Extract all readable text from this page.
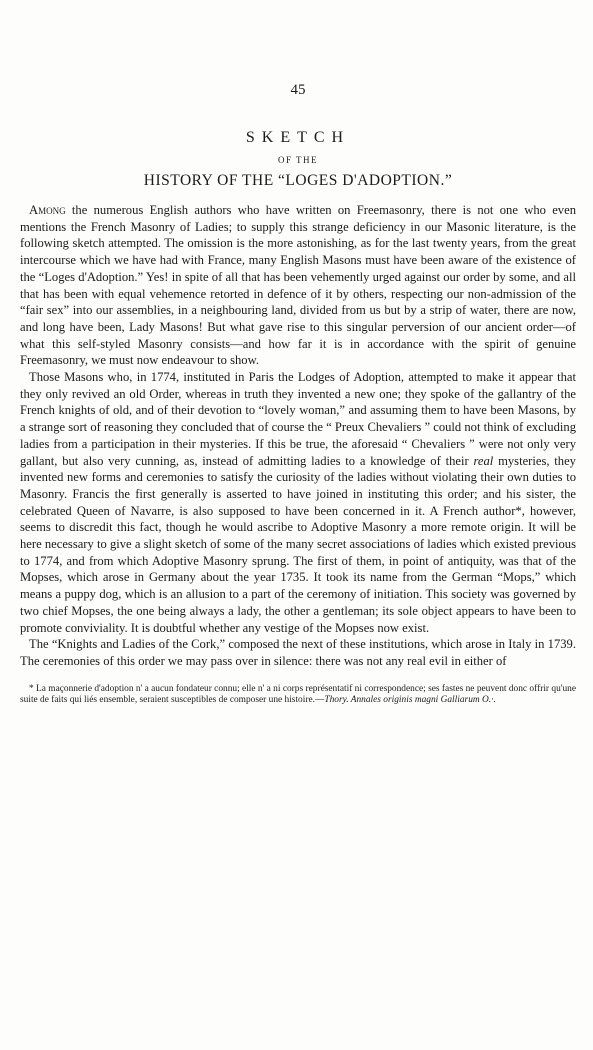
45
SKETCH
OF THE
HISTORY OF THE “LOGES D'ADOPTION.”

Among the numerous English authors who have written on Freemasonry, there is not one who even mentions the French Masonry of Ladies; to supply this strange deficiency in our Masonic literature, is the following sketch attempted. The omission is the more astonishing, as for the last twenty years, from the great intercourse which we have had with France, many English Masons must have been aware of the existence of the “Loges d'Adoption.” Yes! in spite of all that has been vehemently urged against our order by some, and all that has been with equal vehemence retorted in defence of it by others, respecting our non-admission of the “fair sex” into our assemblies, in a neighbouring land, divided from us but by a strip of water, there are now, and long have been, Lady Masons! But what gave rise to this singular perversion of our ancient order—of what this self-styled Masonry consists—and how far it is in accordance with the spirit of genuine Freemasonry, we must now endeavour to show.

Those Masons who, in 1774, instituted in Paris the Lodges of Adoption, attempted to make it appear that they only revived an old Order, whereas in truth they invented a new one; they spoke of the gallantry of the French knights of old, and of their devotion to “lovely woman,” and assuming them to have been Masons, by a strange sort of reasoning they concluded that of course the “ Preux Chevaliers ” could not think of excluding ladies from a participation in their mysteries. If this be true, the aforesaid “ Chevaliers ” were not only very gallant, but also very cunning, as, instead of admitting ladies to a knowledge of their real mysteries, they invented new forms and ceremonies to satisfy the curiosity of the ladies without violating their own duties to Masonry. Francis the first generally is asserted to have joined in instituting this order; and his sister, the celebrated Queen of Navarre, is also supposed to have been concerned in it. A French author*, however, seems to discredit this fact, though he would ascribe to Adoptive Masonry a more remote origin. It will be here necessary to give a slight sketch of some of the many secret associations of ladies which existed previous to 1774, and from which Adoptive Masonry sprung. The first of them, in point of antiquity, was that of the Mopses, which arose in Germany about the year 1735. It took its name from the German “Mops,” which means a puppy dog, which is an allusion to a part of the ceremony of initiation. This society was governed by two chief Mopses, the one being always a lady, the other a gentleman; its sole object appears to have been to promote conviviality. It is doubtful whether any vestige of the Mopses now exist.

The “Knights and Ladies of the Cork,” composed the next of these institutions, which arose in Italy in 1739. The ceremonies of this order we may pass over in silence: there was not any real evil in either of

* La maçonnerie d'adoption n' a aucun fondateur connu; elle n' a ni corps représentatif ni correspondence; ses fastes ne peuvent donc offrir qu'une suite de faits qui liés ensemble, seraient susceptibles de composer une histoire.—Thory. Annales originis magni Galliarum O.·.
